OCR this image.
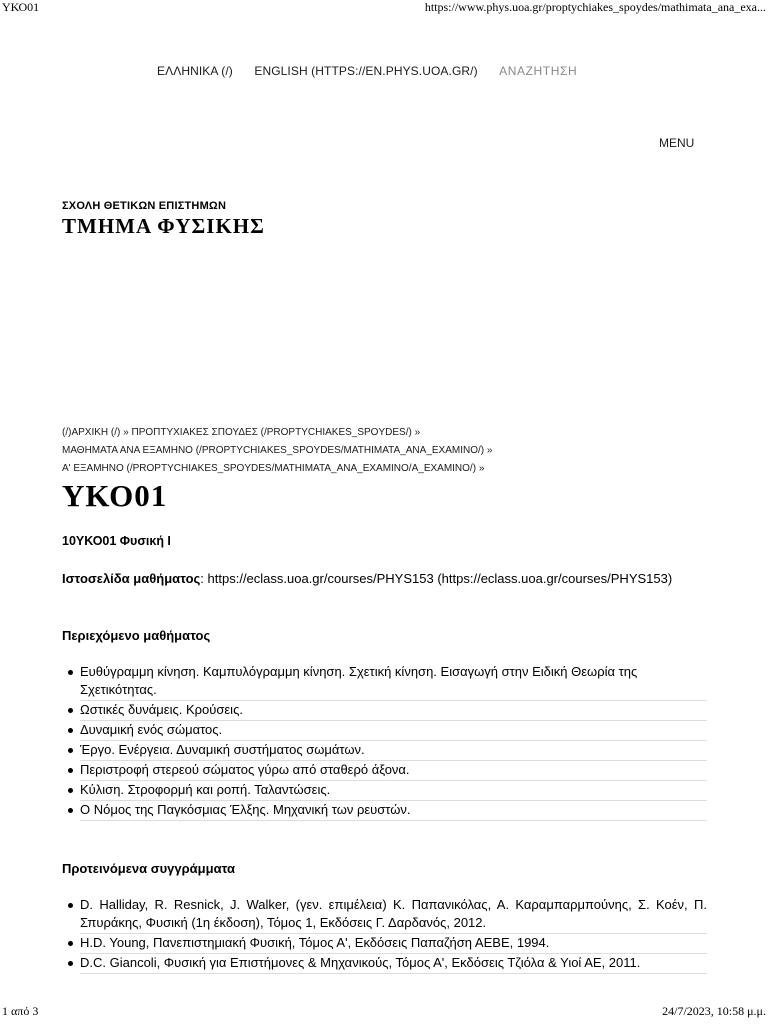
ΥΚΟ01	https://www.phys.uoa.gr/proptychiakes_spoydes/mathimata_ana_exa...
ΕΛΛΗΝΙΚΑ (/) ENGLISH (HTTPS://EN.PHYS.UOA.GR/) ΑΝΑΖΗΤΗΣΗ
MENU
ΣΧΟΛΗ ΘΕΤΙΚΩΝ ΕΠΙΣΤΗΜΩΝ
ΤΜΗΜΑ ΦΥΣΙΚΗΣ
(/)ΑΡΧΙΚΗ (/) » ΠΡΟΠΤΥΧΙΑΚΕΣ ΣΠΟΥΔΕΣ (/PROPTYCHIAKES_SPOYDES/) »
ΜΑΘΗΜΑΤΑ ΑΝΑ ΕΞΑΜΗΝΟ (/PROPTYCHIAKES_SPOYDES/MATHIMATA_ANA_EXAMINO/) »
Α' ΕΞΑΜΗΝΟ (/PROPTYCHIAKES_SPOYDES/MATHIMATA_ANA_EXAMINO/A_EXAMINO/) »
ΥΚΟ01
10ΥΚΟ01 Φυσική Ι
Ιστοσελίδα μαθήματος: https://eclass.uoa.gr/courses/PHYS153 (https://eclass.uoa.gr/courses/PHYS153)
Περιεχόμενο μαθήματος
Ευθύγραμμη κίνηση. Καμπυλόγραμμη κίνηση. Σχετική κίνηση. Εισαγωγή στην Ειδική Θεωρία της Σχετικότητας.
Ωστικές δυνάμεις. Κρούσεις.
Δυναμική ενός σώματος.
Έργο. Ενέργεια. Δυναμική συστήματος σωμάτων.
Περιστροφή στερεού σώματος γύρω από σταθερό άξονα.
Κύλιση. Στροφορμή και ροπή. Ταλαντώσεις.
Ο Νόμος της Παγκόσμιας Έλξης. Μηχανική των ρευστών.
Προτεινόμενα συγγράμματα
D. Halliday, R. Resnick, J. Walker, (γεν. επιμέλεια) Κ. Παπανικόλας, Α. Καραμπαρμπούνης, Σ. Κοέν, Π. Σπυράκης, Φυσική (1η έκδοση), Τόμος 1, Εκδόσεις Γ. Δαρδανός, 2012.
H.D. Young, Πανεπιστημιακή Φυσική, Τόμος Α', Εκδόσεις Παπαζήση ΑΕΒΕ, 1994.
D.C. Giancoli, Φυσική για Επιστήμονες & Μηχανικούς, Τόμος Α', Εκδόσεις Τζιόλα & Υιοί ΑΕ, 2011.
1 από 3	24/7/2023, 10:58 μ.μ.
